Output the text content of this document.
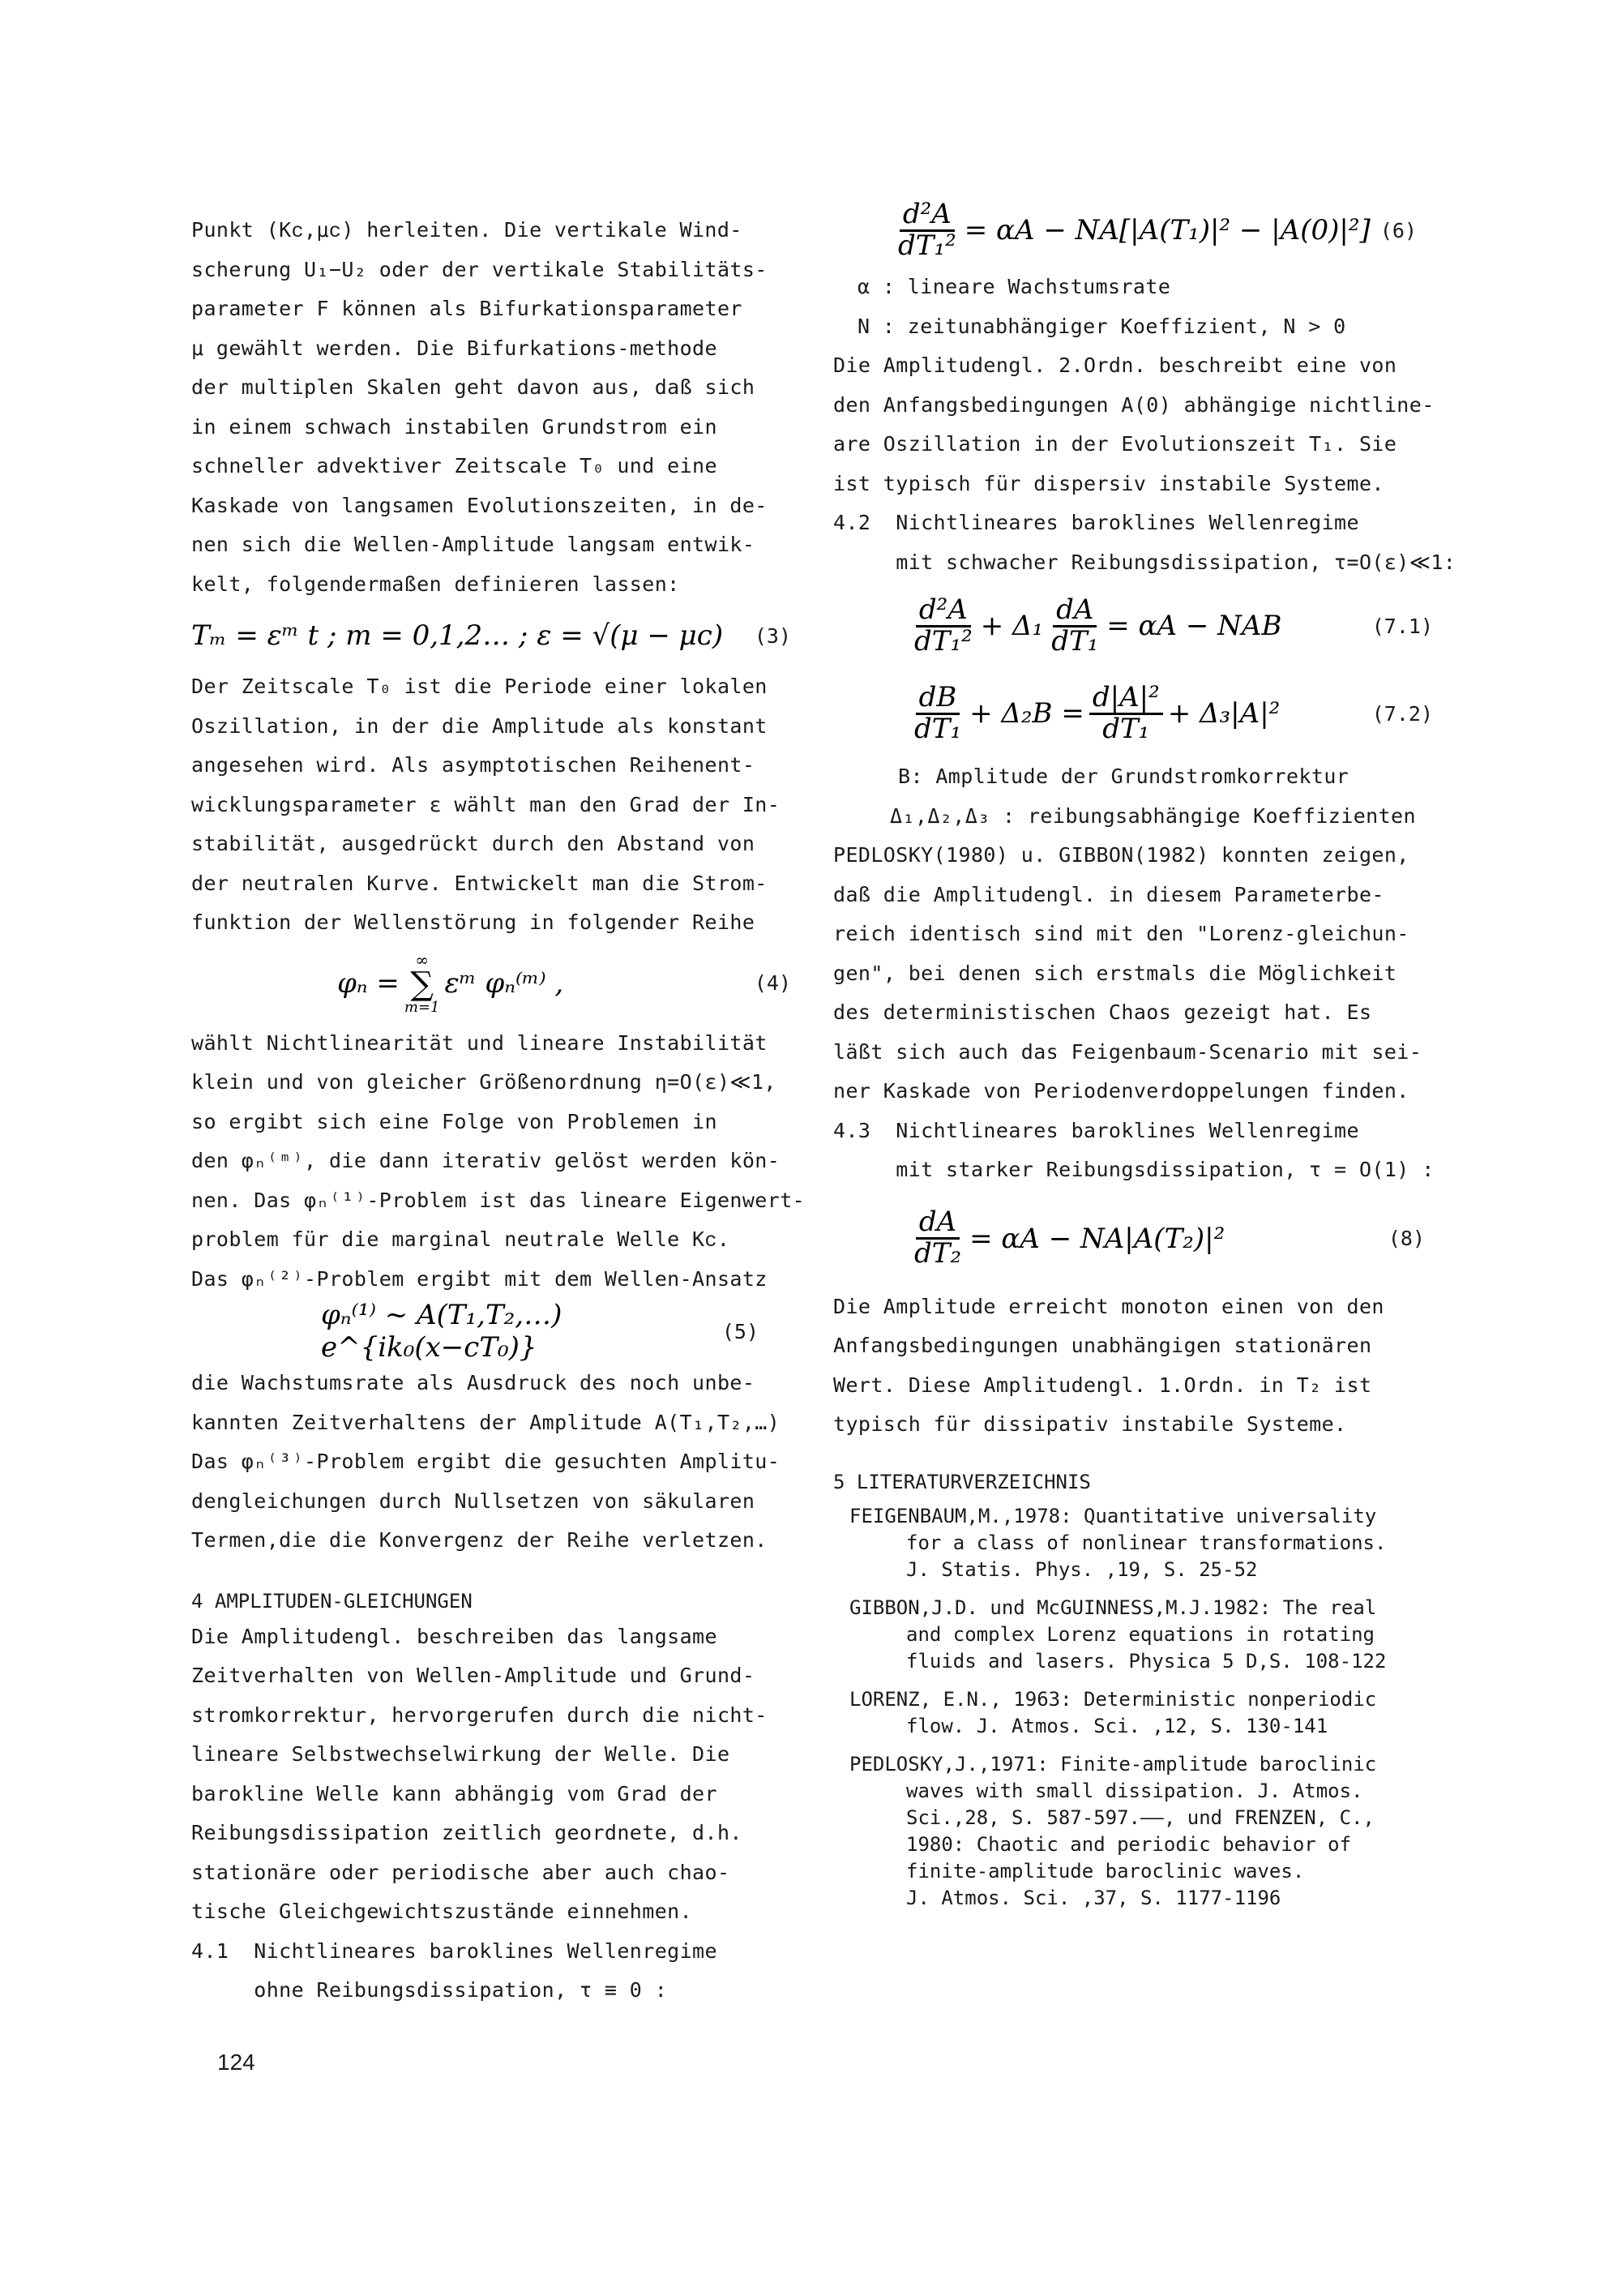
Punkt (Kᴄ,μᴄ) herleiten. Die vertikale Wind-
scherung U₁−U₂ oder der vertikale Stabilitäts-
parameter F können als Bifurkationsparameter
μ gewählt werden. Die Bifurkations-methode
der multiplen Skalen geht davon aus, daß sich
in einem schwach instabilen Grundstrom ein
schneller advektiver Zeitscale T₀ und eine
Kaskade von langsamen Evolutionszeiten, in de-
nen sich die Wellen-Amplitude langsam entwik-
kelt, folgendermaßen definieren lassen:
Tₘ = εᵐ t ; m = 0,1,2… ; ε = √(μ − μᴄ) (3)
Der Zeitscale T₀ ist die Periode einer lokalen
Oszillation, in der die Amplitude als konstant
angesehen wird. Als asymptotischen Reihenent-
wicklungsparameter ε wählt man den Grad der In-
stabilität, ausgedrückt durch den Abstand von
der neutralen Kurve. Entwickelt man die Strom-
funktion der Wellenstörung in folgender Reihe
φₙ =
∞
∑
m=1
εᵐ φₙ⁽ᵐ⁾ ,	(4)
wählt Nichtlinearität und lineare Instabilität
klein und von gleicher Größenordnung η=O(ε)≪1,
so ergibt sich eine Folge von Problemen in
den φₙ⁽ᵐ⁾, die dann iterativ gelöst werden kön-
nen. Das φₙ⁽¹⁾-Problem ist das lineare Eigenwert-
problem für die marginal neutrale Welle Kᴄ.
Das φₙ⁽²⁾-Problem ergibt mit dem Wellen-Ansatz
φₙ⁽¹⁾ ~ A(T₁,T₂,…) e^{ik₀(x−cT₀)}	(5)
die Wachstumsrate als Ausdruck des noch unbe-
kannten Zeitverhaltens der Amplitude A(T₁,T₂,…)
Das φₙ⁽³⁾-Problem ergibt die gesuchten Amplitu-
dengleichungen durch Nullsetzen von säkularen
Termen,die die Konvergenz der Reihe verletzen.
4 AMPLITUDEN-GLEICHUNGEN
Die Amplitudengl. beschreiben das langsame
Zeitverhalten von Wellen-Amplitude und Grund-
stromkorrektur, hervorgerufen durch die nicht-
lineare Selbstwechselwirkung der Welle. Die
barokline Welle kann abhängig vom Grad der
Reibungsdissipation zeitlich geordnete, d.h.
stationäre oder periodische aber auch chao-
tische Gleichgewichtszustände einnehmen.
4.1  Nichtlineares baroklines Wellenregime
ohne Reibungsdissipation, τ ≡ 0 :
$\frac{\text{d²A}}{\text{dT₁²}} = \alpha A - NA[|A(T_1)|^2 - |A(0)|^2]$ (6)
α : lineare Wachstumsrate
N : zeitunabhängiger Koeffizient, N > 0
Die Amplitudengl. 2.Ordn. beschreibt eine von
den Anfangsbedingungen A(0) abhängige nichtline-
are Oszillation in der Evolutionszeit T₁. Sie
ist typisch für dispersiv instabile Systeme.
4.2  Nichtlineares baroklines Wellenregime
mit schwacher Reibungsdissipation, τ=O(ε)≪1:
$\frac{\text{d²A}}{\text{dT₁²}} + \Delta_1 \frac{dA}{\text{dT₁}} = \alpha A$ − NAB	(7.1)
$\frac{dB}{\text{dT₁}} + \Delta_2B = \frac{\text{d|A|²}}{\text{dT₁}} + \Delta_3|A|^2$	(7.2)
B: Amplitude der Grundstromkorrektur
Δ₁,Δ₂,Δ₃ : reibungsabhängige Koeffizienten
PEDLOSKY(1980) u. GIBBON(1982) konnten zeigen,
daß die Amplitudengl. in diesem Parameterbe-
reich identisch sind mit den "Lorenz-gleichun-
gen", bei denen sich erstmals die Möglichkeit
des deterministischen Chaos gezeigt hat. Es
läßt sich auch das Feigenbaum-Scenario mit sei-
ner Kaskade von Periodenverdoppelungen finden.
4.3  Nichtlineares baroklines Wellenregime
mit starker Reibungsdissipation, τ = O(1) :
$\frac{dA}{\text{dT₂}} = \alpha A - NA|A(T_2)|^2$	(8)
Die Amplitude erreicht monoton einen von den
Anfangsbedingungen unabhängigen stationären
Wert. Diese Amplitudengl. 1.Ordn. in T₂ ist
typisch für dissipativ instabile Systeme.
5 LITERATURVERZEICHNIS
FEIGENBAUM,M.,1978: Quantitative universality
for a class of nonlinear transformations.
J. Statis. Phys. ,19, S. 25-52
GIBBON,J.D. und McGUINNESS,M.J.1982: The real
and complex Lorenz equations in rotating
fluids and lasers. Physica 5 D,S. 108-122
LORENZ, E.N., 1963: Deterministic nonperiodic
flow. J. Atmos. Sci. ,12, S. 130-141
PEDLOSKY,J.,1971: Finite-amplitude baroclinic
waves with small dissipation. J. Atmos.
Sci.,28, S. 587-597.——, und FRENZEN, C.,
1980: Chaotic and periodic behavior of
finite-amplitude baroclinic waves.
J. Atmos. Sci. ,37, S. 1177-1196
124
